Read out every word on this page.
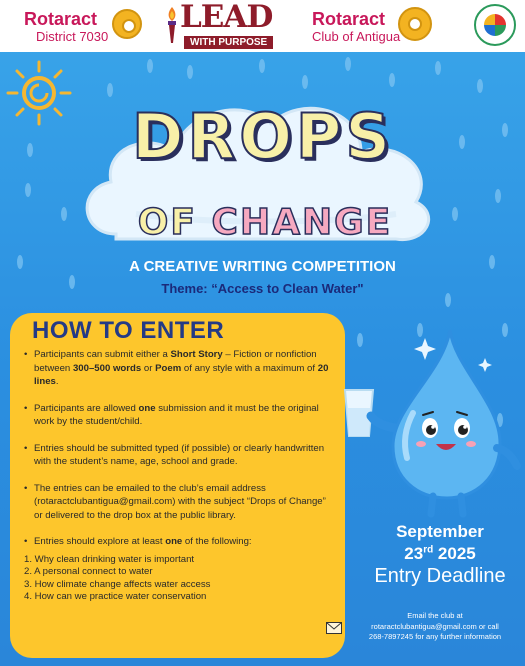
Rotaract
District 7030
LEAD
WITH PURPOSE
Rotaract
Club of Antigua
DROPS
OF CHANGE
A CREATIVE WRITING COMPETITION
Theme: “Access to Clean Water"
HOW TO ENTER
• Participants can submit either a Short Story – Fiction or nonfiction between 300–500 words or Poem of any style with a maximum of 20 lines.
• Participants are allowed one submission and it must be the original work by the student/child.
• Entries should be submitted typed (if possible) or clearly handwritten with the student’s name, age, school and grade.
• The entries can be emailed to the club’s email address (rotaractclubantigua@gmail.com) with the subject “Drops of Change” or delivered to the drop box at the public library.
• Entries should explore at least one of the following:
1. Why clean drinking water is important
2. A personal connect to water
3. How climate change affects water access
4. How can we practice water conservation
September
23rd 2025
Entry Deadline
Email the club at
rotaractclubantigua@gmail.com or call
268-7897245 for any further information
